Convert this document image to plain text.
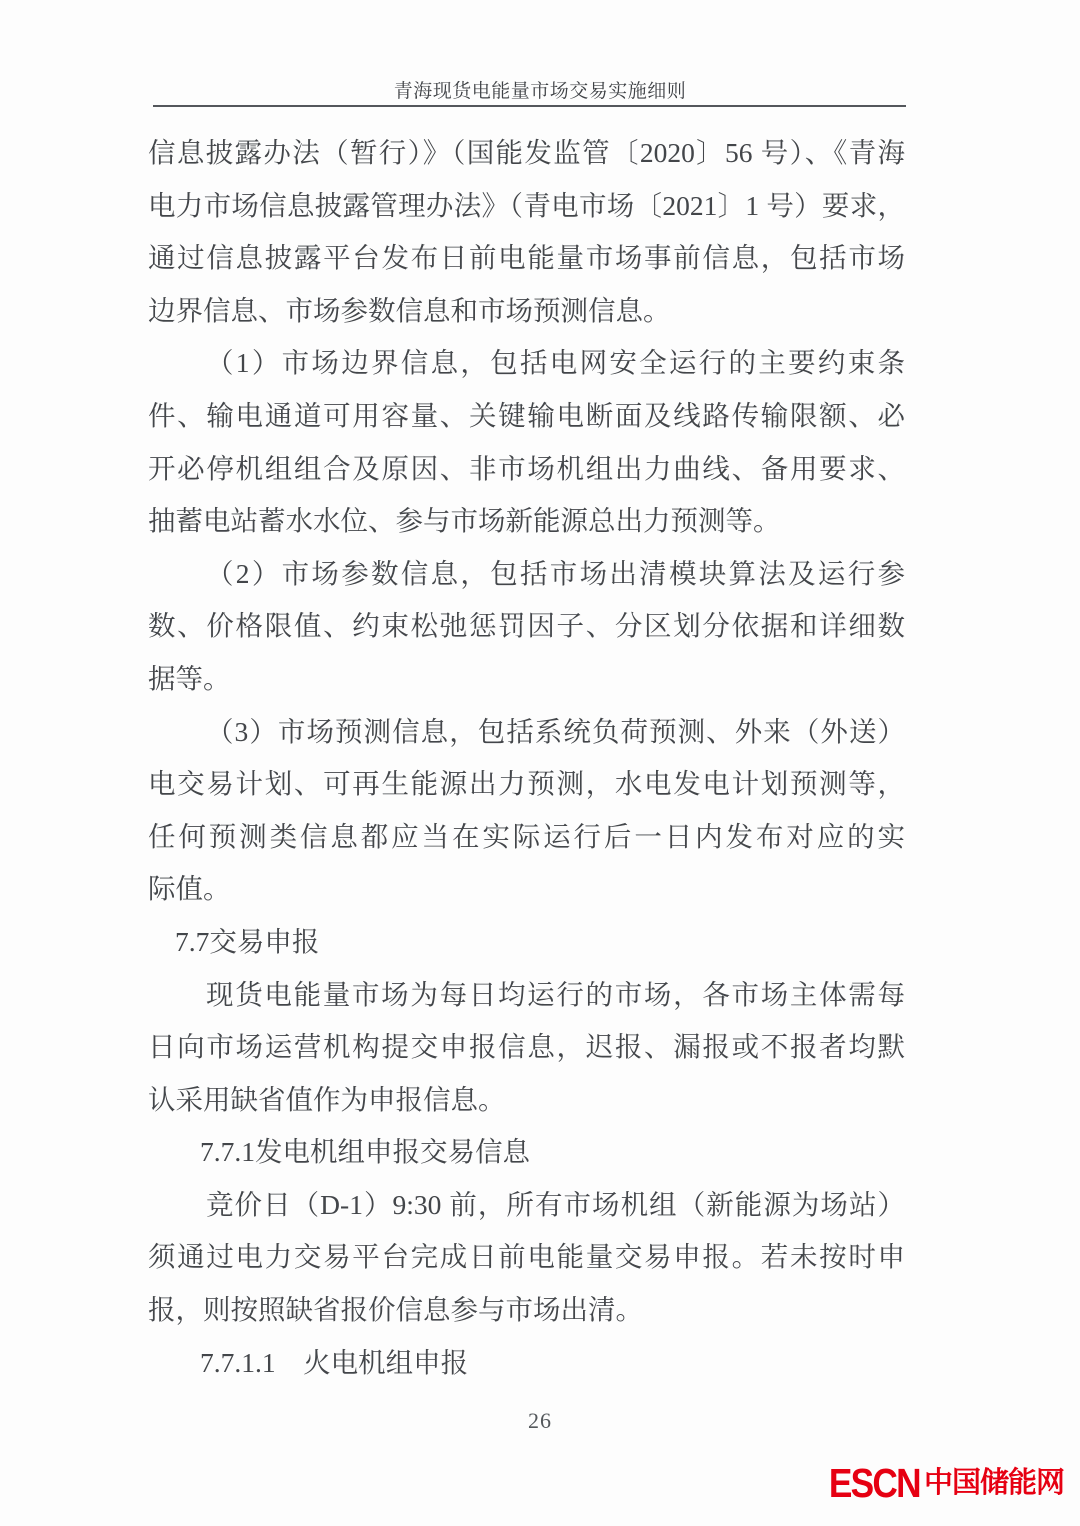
青海现货电能量市场交易实施细则
信息披露办法（暂行）》（国能发监管〔2020〕56 号）、《青海
电力市场信息披露管理办法》（青电市场〔2021〕1 号）要求，
通过信息披露平台发布日前电能量市场事前信息，包括市场
边界信息、市场参数信息和市场预测信息。
（1）市场边界信息，包括电网安全运行的主要约束条
件、输电通道可用容量、关键输电断面及线路传输限额、必
开必停机组组合及原因、非市场机组出力曲线、备用要求、
抽蓄电站蓄水水位、参与市场新能源总出力预测等。
（2）市场参数信息，包括市场出清模块算法及运行参
数、价格限值、约束松弛惩罚因子、分区划分依据和详细数
据等。
（3）市场预测信息，包括系统负荷预测、外来（外送）
电交易计划、可再生能源出力预测，水电发电计划预测等，
任何预测类信息都应当在实际运行后一日内发布对应的实
际值。
7.7交易申报
现货电能量市场为每日均运行的市场，各市场主体需每
日向市场运营机构提交申报信息，迟报、漏报或不报者均默
认采用缺省值作为申报信息。
7.7.1发电机组申报交易信息
竞价日（D-1）9:30 前，所有市场机组（新能源为场站）
须通过电力交易平台完成日前电能量交易申报。若未按时申
报，则按照缺省报价信息参与市场出清。
7.7.1.1　火电机组申报
26
ESCN 中国储能网
